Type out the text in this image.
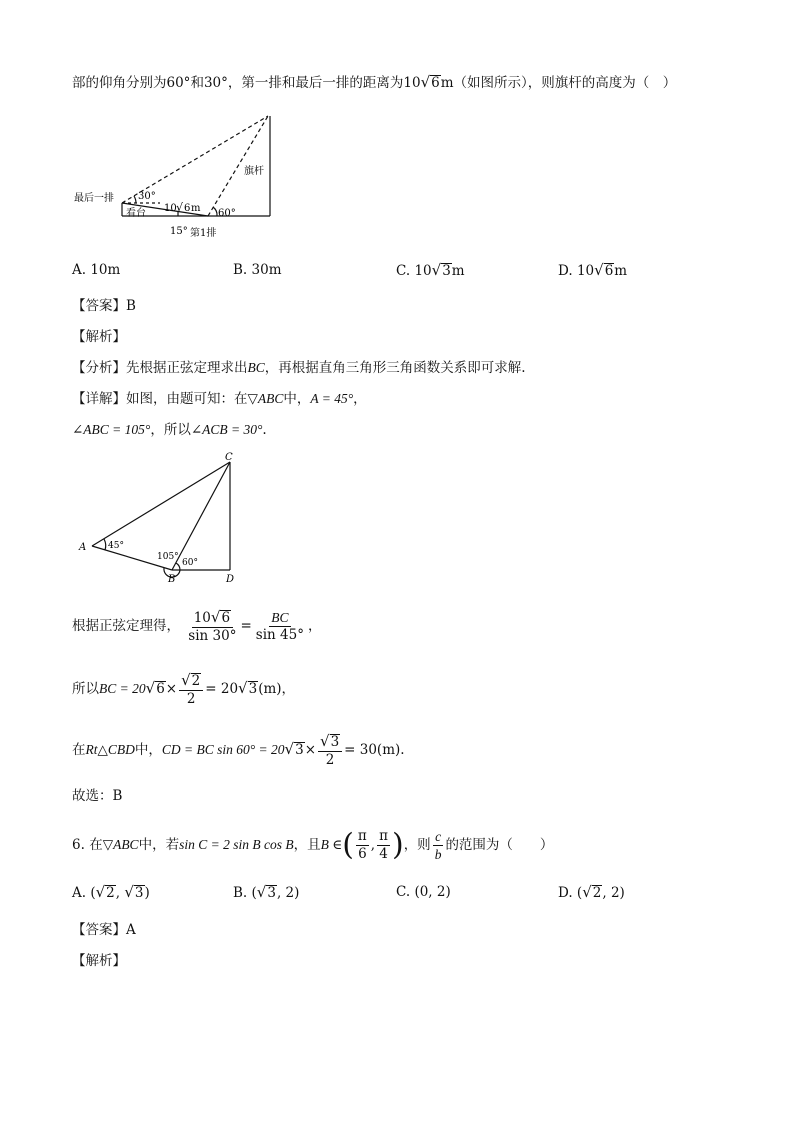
部的仰角分别为60°和30°，第一排和最后一排的距离为10√6m（如图所示），则旗杆的高度为（　）
最后一排 30°
10 √ 6 m
看台
旗杆
60°
15° 第1排
A. 10m	B. 30m	C. 10√3m	D. 10√6m
【答案】B
【解析】
【分析】先根据正弦定理求出BC，再根据直角三角形三角函数关系即可求解.
【详解】如图，由题可知：在▽ABC中，A = 45°，
∠ABC = 105°，所以∠ACB = 30°.
C
A
B	D
45°
105°
60°
根据正弦定理得， $\frac{10√6}{\sin 30^\circ} = \frac{BC}{\sin 45^\circ}$ ，
所以BC = $20√6\times \frac{√2}{2} = 20√3(m)$，
在Rt△CBD中，CD = BC $\sin 60^\circ = 20√3\times \frac{√3}{2} = 30(m)$.
故选：B
6. 在▽ABC中，若sin C = 2 sin B cos B，且B ∈( $\frac{\pi}{6}$ , $\frac{\pi}{4}$ )，则 $\frac{c}{b}$ 的范围为（　　）
A. (√2, √3)	B. (√3, 2)	C. (0, 2)	D. (√2, 2)
【答案】A
【解析】
